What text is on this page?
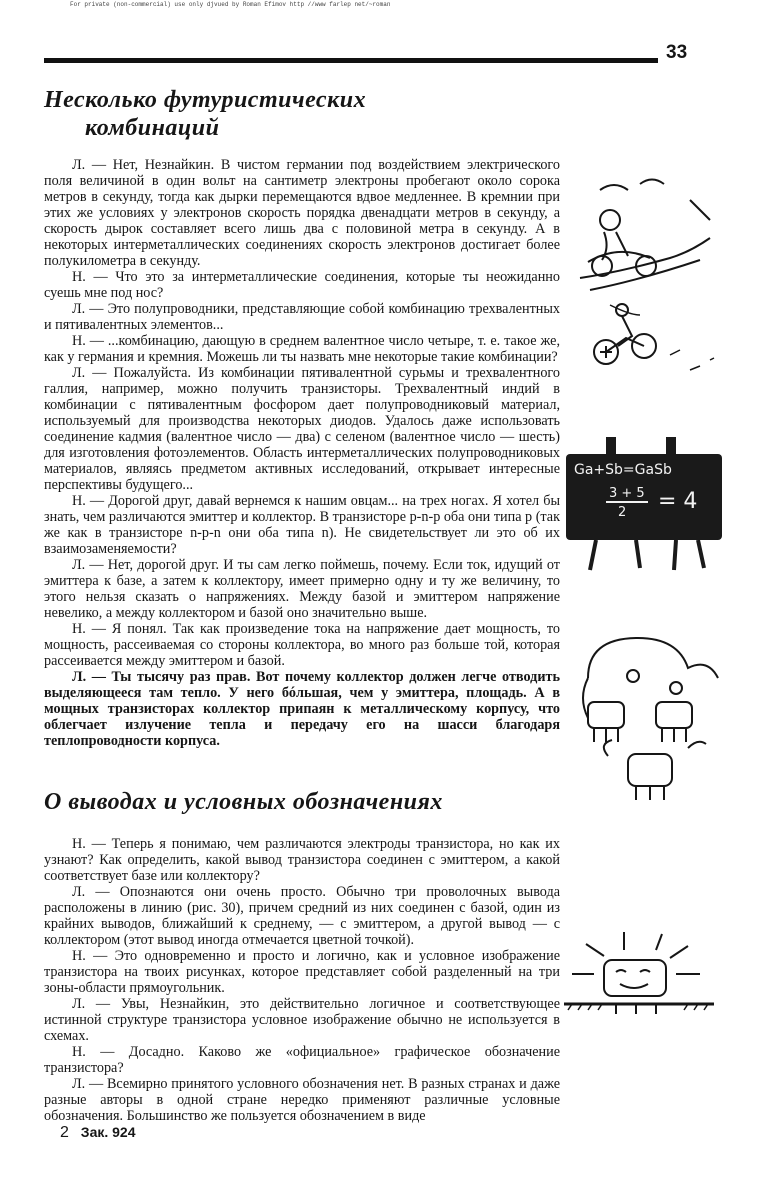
For private (non-commercial) use only djvued by Roman Efimov http //www farlep net/~roman
33
Несколько футуристических
комбинаций

Л. — Нет, Незнайкин. В чистом германии под воздействием электрического поля величиной в один вольт на сантиметр электроны пробегают около сорока метров в секунду, тогда как дырки перемещаются вдвое медленнее. В кремнии при этих же условиях у электронов скорость порядка двенадцати метров в секунду, а скорость дырок составляет всего лишь два с половиной метра в секунду. А в некоторых интерметаллических соединениях скорость электронов достигает более полукилометра в секунду.

Н. — Что это за интерметаллические соединения, которые ты неожиданно суешь мне под нос?

Л. — Это полупроводники, представляющие собой комбинацию трехвалентных и пятивалентных элементов...

Н. — ...комбинацию, дающую в среднем валентное число четыре, т. е. такое же, как у германия и кремния. Можешь ли ты назвать мне некоторые такие комбинации?

Л. — Пожалуйста. Из комбинации пятивалентной сурьмы и трехвалентного галлия, например, можно получить транзисторы. Трехвалентный индий в комбинации с пятивалентным фосфором дает полупроводниковый материал, используемый для производства некоторых диодов. Удалось даже использовать соединение кадмия (валентное число — два) с селеном (валентное число — шесть) для изготовления фотоэлементов. Область интерметаллических полупроводниковых материалов, являясь предметом активных исследований, открывает интересные перспективы будущего...

Н. — Дорогой друг, давай вернемся к нашим овцам... на трех ногах. Я хотел бы знать, чем различаются эмиттер и коллектор. В транзисторе p-n-p оба они типа p (так же как в транзисторе n-p-n они оба типа n). Не свидетельствует ли это об их взаимозаменяемости?

Л. — Нет, дорогой друг. И ты сам легко поймешь, почему. Если ток, идущий от эмиттера к базе, а затем к коллектору, имеет примерно одну и ту же величину, то этого нельзя сказать о напряжениях. Между базой и эмиттером напряжение невелико, а между коллектором и базой оно значительно выше.

Н. — Я понял. Так как произведение тока на напряжение дает мощность, то мощность, рассеиваемая со стороны коллектора, во много раз больше той, которая рассеивается между эмиттером и базой.

Л. — Ты тысячу раз прав. Вот почему коллектор должен легче отводить выделяющееся там тепло. У него бóльшая, чем у эмиттера, площадь. А в мощных транзисторах коллектор припаян к металлическому корпусу, что облегчает излучение тепла и передачу его на шасси благодаря теплопроводности корпуса.

О выводах и условных обозначениях

Н. — Теперь я понимаю, чем различаются электроды транзистора, но как их узнают? Как определить, какой вывод транзистора соединен с эмиттером, а какой соответствует базе или коллектору?

Л. — Опознаются они очень просто. Обычно три проволочных вывода расположены в линию (рис. 30), причем средний из них соединен с базой, один из крайних выводов, ближайший к среднему, — с эмиттером, а другой вывод — с коллектором (этот вывод иногда отмечается цветной точкой).

Н. — Это одновременно и просто и логично, как и условное изображение транзистора на твоих рисунках, которое представляет собой разделенный на три зоны-области прямоугольник.

Л. — Увы, Незнайкин, это действительно логичное и соответствующее истинной структуре транзистора условное изображение обычно не используется в схемах.

Н. — Досадно. Каково же «официальное» графическое обозначение транзистора?

Л. — Всемирно принятого условного обозначения нет. В разных странах и даже разные авторы в одной стране нередко применяют различные условные обозначения. Большинство же пользуется обозначением в виде

Ga+Sb=GaSb
3 + 5
2 = 4
2 Зак. 924
